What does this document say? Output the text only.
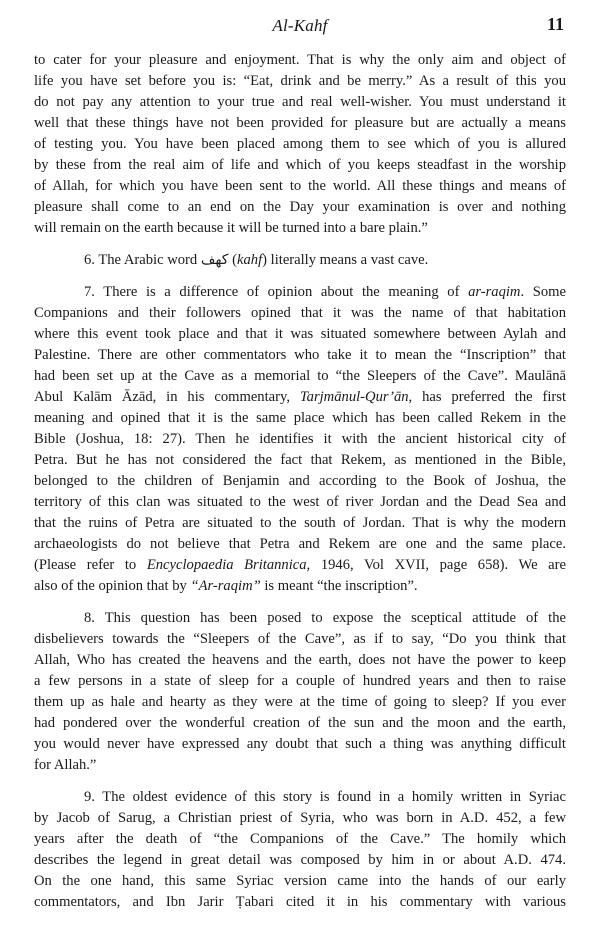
Al-Kahf	11

to cater for your pleasure and enjoyment. That is why the only aim and object of
life you have set before you is: “Eat, drink and be merry.” As a result of this you
do not pay any attention to your true and real well-wisher. You must understand it
well that these things have not been provided for pleasure but are actually a means
of testing you. You have been placed among them to see which of you is allured
by these from the real aim of life and which of you keeps steadfast in the worship
of Allah, for which you have been sent to the world. All these things and means of
pleasure shall come to an end on the Day your examination is over and nothing
will remain on the earth because it will be turned into a bare plain.”

6. The Arabic word كهف (kahf) literally means a vast cave.

7. There is a difference of opinion about the meaning of ar-raqim. Some
Companions and their followers opined that it was the name of that habitation
where this event took place and that it was situated somewhere between Aylah and
Palestine. There are other commentators who take it to mean the “Inscription” that
had been set up at the Cave as a memorial to “the Sleepers of the Cave”. Maulānā
Abul Kalām Āzād, in his commentary, Tarjmānul-Qur’ān, has preferred the first
meaning and opined that it is the same place which has been called Rekem in the
Bible (Joshua, 18: 27). Then he identifies it with the ancient historical city of
Petra. But he has not considered the fact that Rekem, as mentioned in the Bible,
belonged to the children of Benjamin and according to the Book of Joshua, the
territory of this clan was situated to the west of river Jordan and the Dead Sea and
that the ruins of Petra are situated to the south of Jordan. That is why the modern
archaeologists do not believe that Petra and Rekem are one and the same place.
(Please refer to Encyclopaedia Britannica, 1946, Vol XVII, page 658). We are
also of the opinion that by “Ar-raqim” is meant “the inscription”.

8. This question has been posed to expose the sceptical attitude of the
disbelievers towards the “Sleepers of the Cave”, as if to say, “Do you think that
Allah, Who has created the heavens and the earth, does not have the power to keep
a few persons in a state of sleep for a couple of hundred years and then to raise
them up as hale and hearty as they were at the time of going to sleep? If you ever
had pondered over the wonderful creation of the sun and the moon and the earth,
you would never have expressed any doubt that such a thing was anything difficult
for Allah.”

9. The oldest evidence of this story is found in a homily written in Syriac
by Jacob of Sarug, a Christian priest of Syria, who was born in A.D. 452, a few
years after the death of “the Companions of the Cave.” The homily which
describes the legend in great detail was composed by him in or about A.D. 474.
On the one hand, this same Syriac version came into the hands of our early
commentators, and Ibn Jarir Ṭabari cited it in his commentary with various
